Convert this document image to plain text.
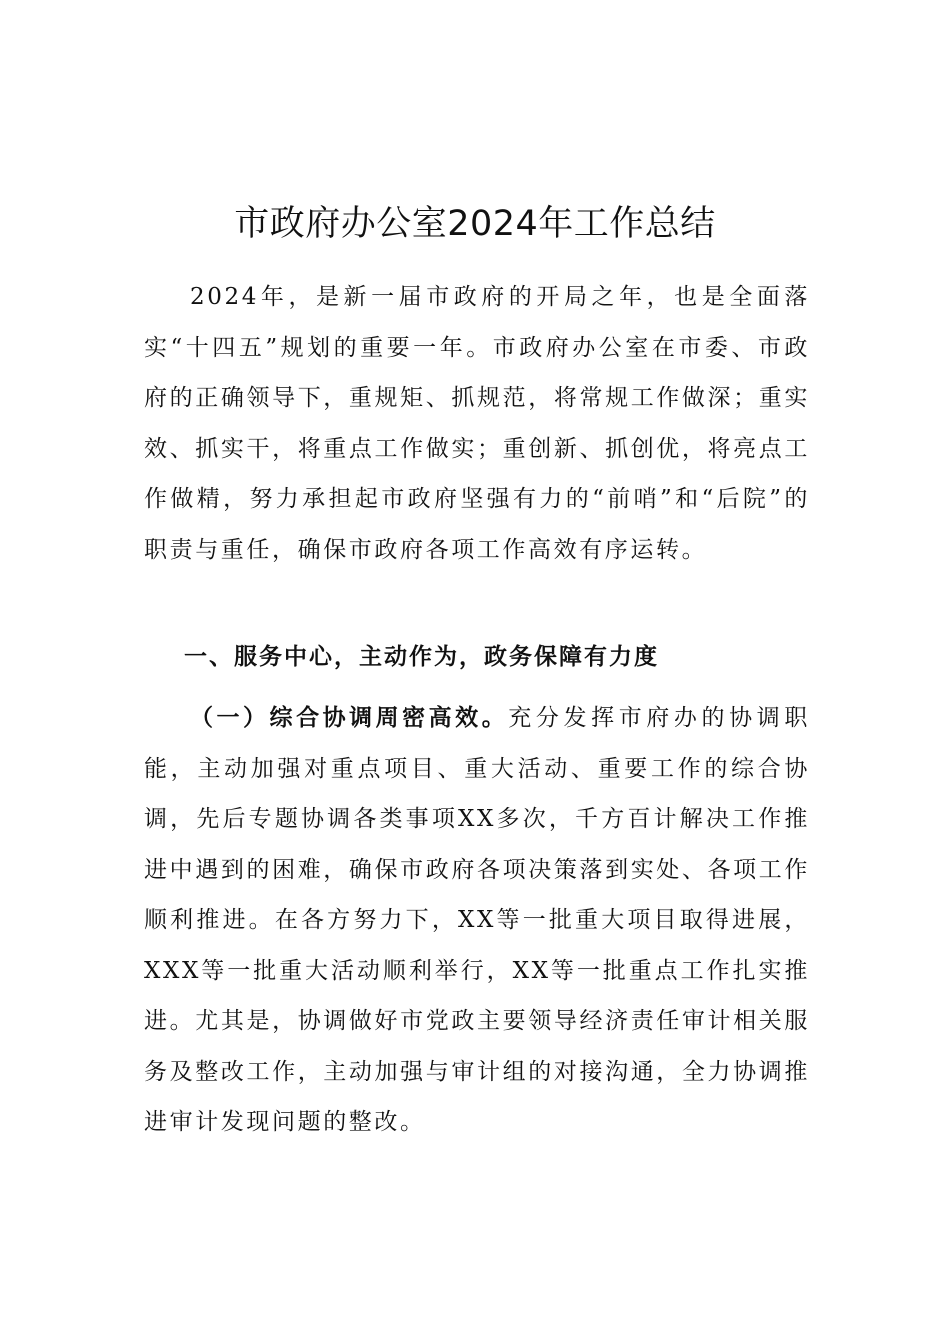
市政府办公室2024年工作总结

2024年，是新一届市政府的开局之年，也是全面落实“十四五”规划的重要一年。市政府办公室在市委、市政府的正确领导下，重规矩、抓规范，将常规工作做深；重实效、抓实干，将重点工作做实；重创新、抓创优，将亮点工作做精，努力承担起市政府坚强有力的“前哨”和“后院”的职责与重任，确保市政府各项工作高效有序运转。

一、服务中心，主动作为，政务保障有力度

（一）综合协调周密高效。充分发挥市府办的协调职能，主动加强对重点项目、重大活动、重要工作的综合协调，先后专题协调各类事项XX多次，千方百计解决工作推进中遇到的困难，确保市政府各项决策落到实处、各项工作顺利推进。在各方努力下，XX等一批重大项目取得进展，XXX等一批重大活动顺利举行，XX等一批重点工作扎实推进。尤其是，协调做好市党政主要领导经济责任审计相关服务及整改工作，主动加强与审计组的对接沟通，全力协调推进审计发现问题的整改。
